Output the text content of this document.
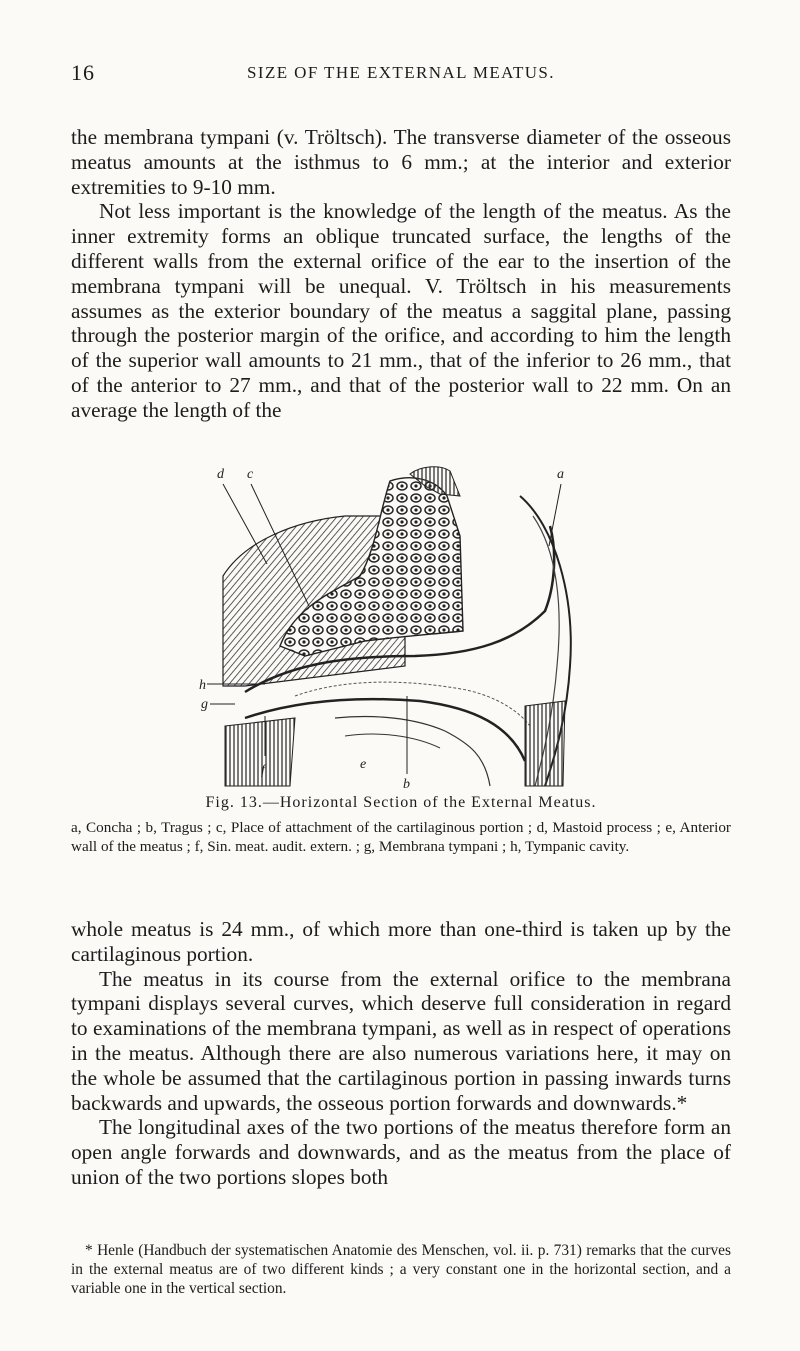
16	SIZE OF THE EXTERNAL MEATUS.

the membrana tympani (v. Tröltsch). The transverse diameter of the osseous meatus amounts at the isthmus to 6 mm.; at the interior and exterior extremities to 9-10 mm.

Not less important is the knowledge of the length of the meatus. As the inner extremity forms an oblique truncated surface, the lengths of the different walls from the external orifice of the ear to the insertion of the membrana tympani will be unequal. V. Tröltsch in his measurements assumes as the exterior boundary of the meatus a saggital plane, passing through the posterior margin of the orifice, and according to him the length of the superior wall amounts to 21 mm., that of the inferior to 26 mm., that of the anterior to 27 mm., and that of the posterior wall to 22 mm. On an average the length of the

d c	a
h
g
f	e
b
Fig. 13.—Horizontal Section of the External Meatus.
a, Concha ; b, Tragus ; c, Place of attachment of the cartilaginous portion ; d, Mastoid process ; e, Anterior wall of the meatus ; f, Sin. meat. audit. extern. ; g, Membrana tympani ; h, Tympanic cavity.

whole meatus is 24 mm., of which more than one-third is taken up by the cartilaginous portion.

The meatus in its course from the external orifice to the membrana tympani displays several curves, which deserve full consideration in regard to examinations of the membrana tympani, as well as in respect of operations in the meatus. Although there are also numerous variations here, it may on the whole be assumed that the cartilaginous portion in passing inwards turns backwards and upwards, the osseous portion forwards and downwards.*

The longitudinal axes of the two portions of the meatus therefore form an open angle forwards and downwards, and as the meatus from the place of union of the two portions slopes both

* Henle (Handbuch der systematischen Anatomie des Menschen, vol. ii. p. 731) remarks that the curves in the external meatus are of two different kinds ; a very constant one in the horizontal section, and a variable one in the vertical section.
